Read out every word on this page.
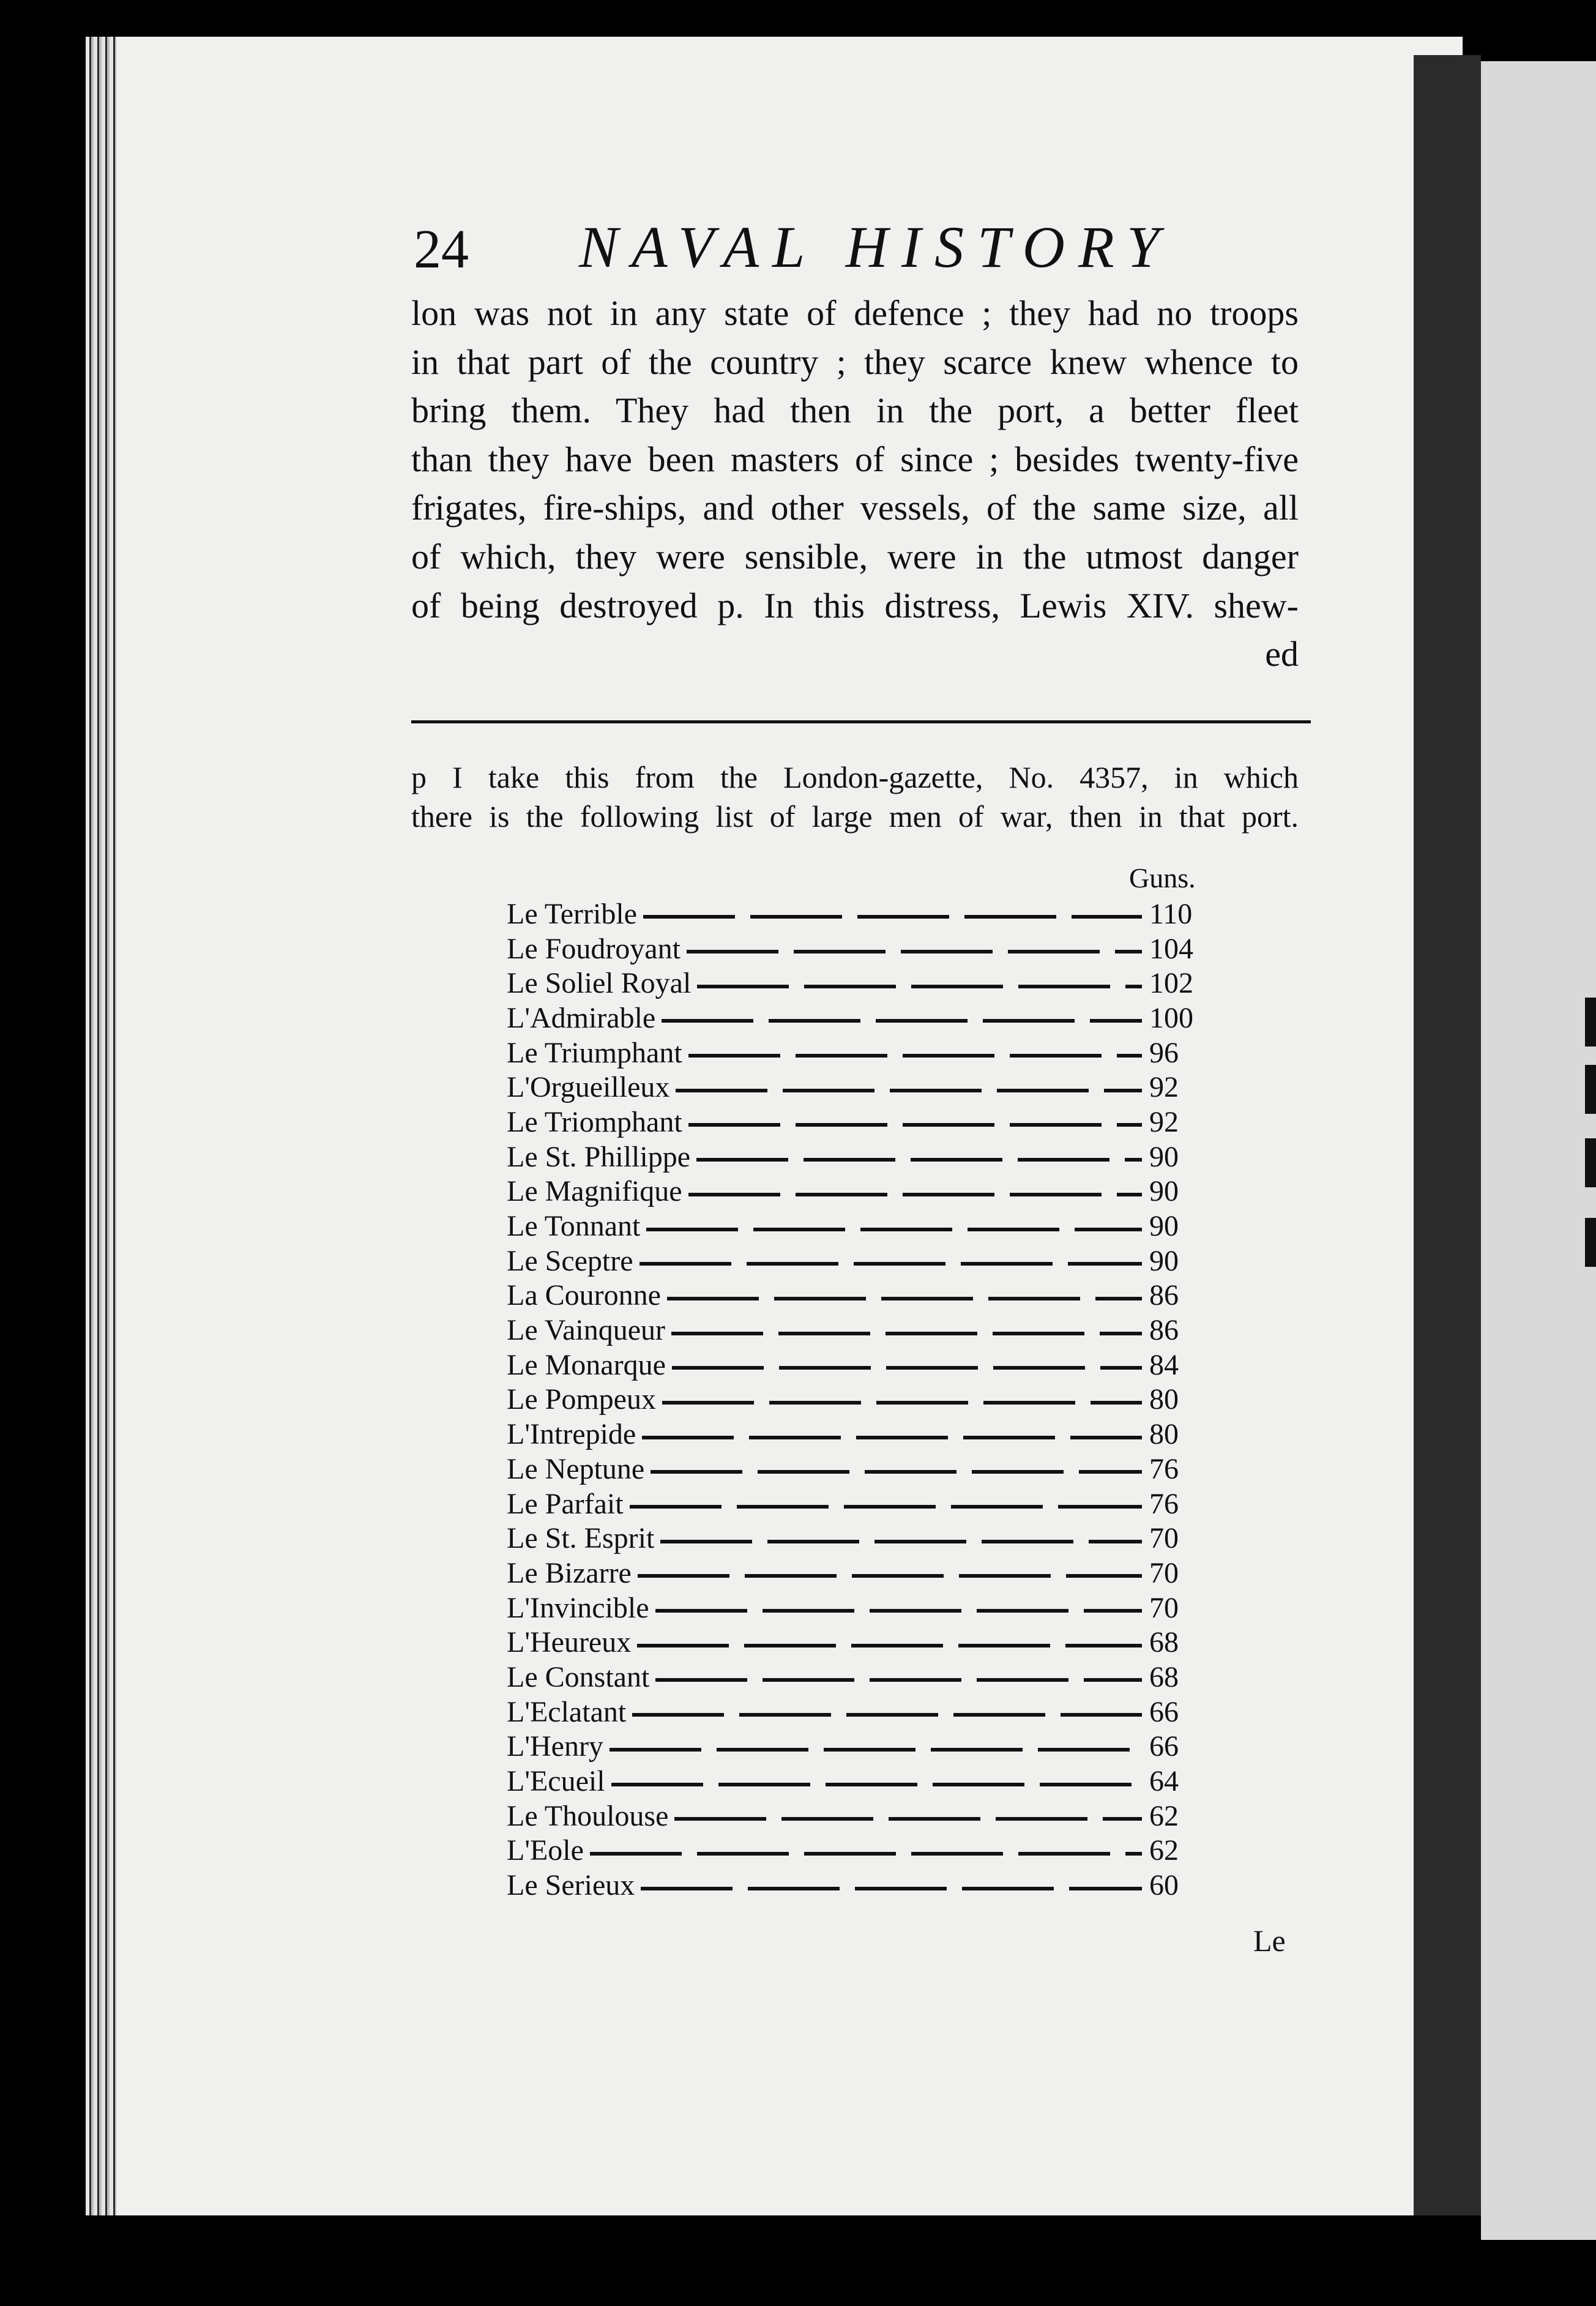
24 NAVAL HISTORY
lon was not in any state of defence ; they had no troops
in that part of the country ; they scarce knew whence to
bring them. They had then in the port, a better fleet
than they have been masters of since ; besides twenty-five
frigates, fire-ships, and other vessels, of the same size, all
of which, they were sensible, were in the utmost danger
of being destroyed p. In this distress, Lewis XIV. shew-
ed
p I take this from the London-gazette, No. 4357, in which
there is the following list of large men of war, then in that port.
Guns.
Le Terrible	110
Le Foudroyant	104
Le Soliel Royal	102
L'Admirable	100
Le Triumphant	96
L'Orgueilleux	92
Le Triomphant	92
Le St. Phillippe	90
Le Magnifique	90
Le Tonnant	90
Le Sceptre	90
La Couronne	86
Le Vainqueur	86
Le Monarque	84
Le Pompeux	80
L'Intrepide	80
Le Neptune	76
Le Parfait	76
Le St. Esprit	70
Le Bizarre	70
L'Invincible	70
L'Heureux	68
Le Constant	68
L'Eclatant	66
L'Henry	66
L'Ecueil	64
Le Thoulouse	62
L'Eole	62
Le Serieux	60
Le
